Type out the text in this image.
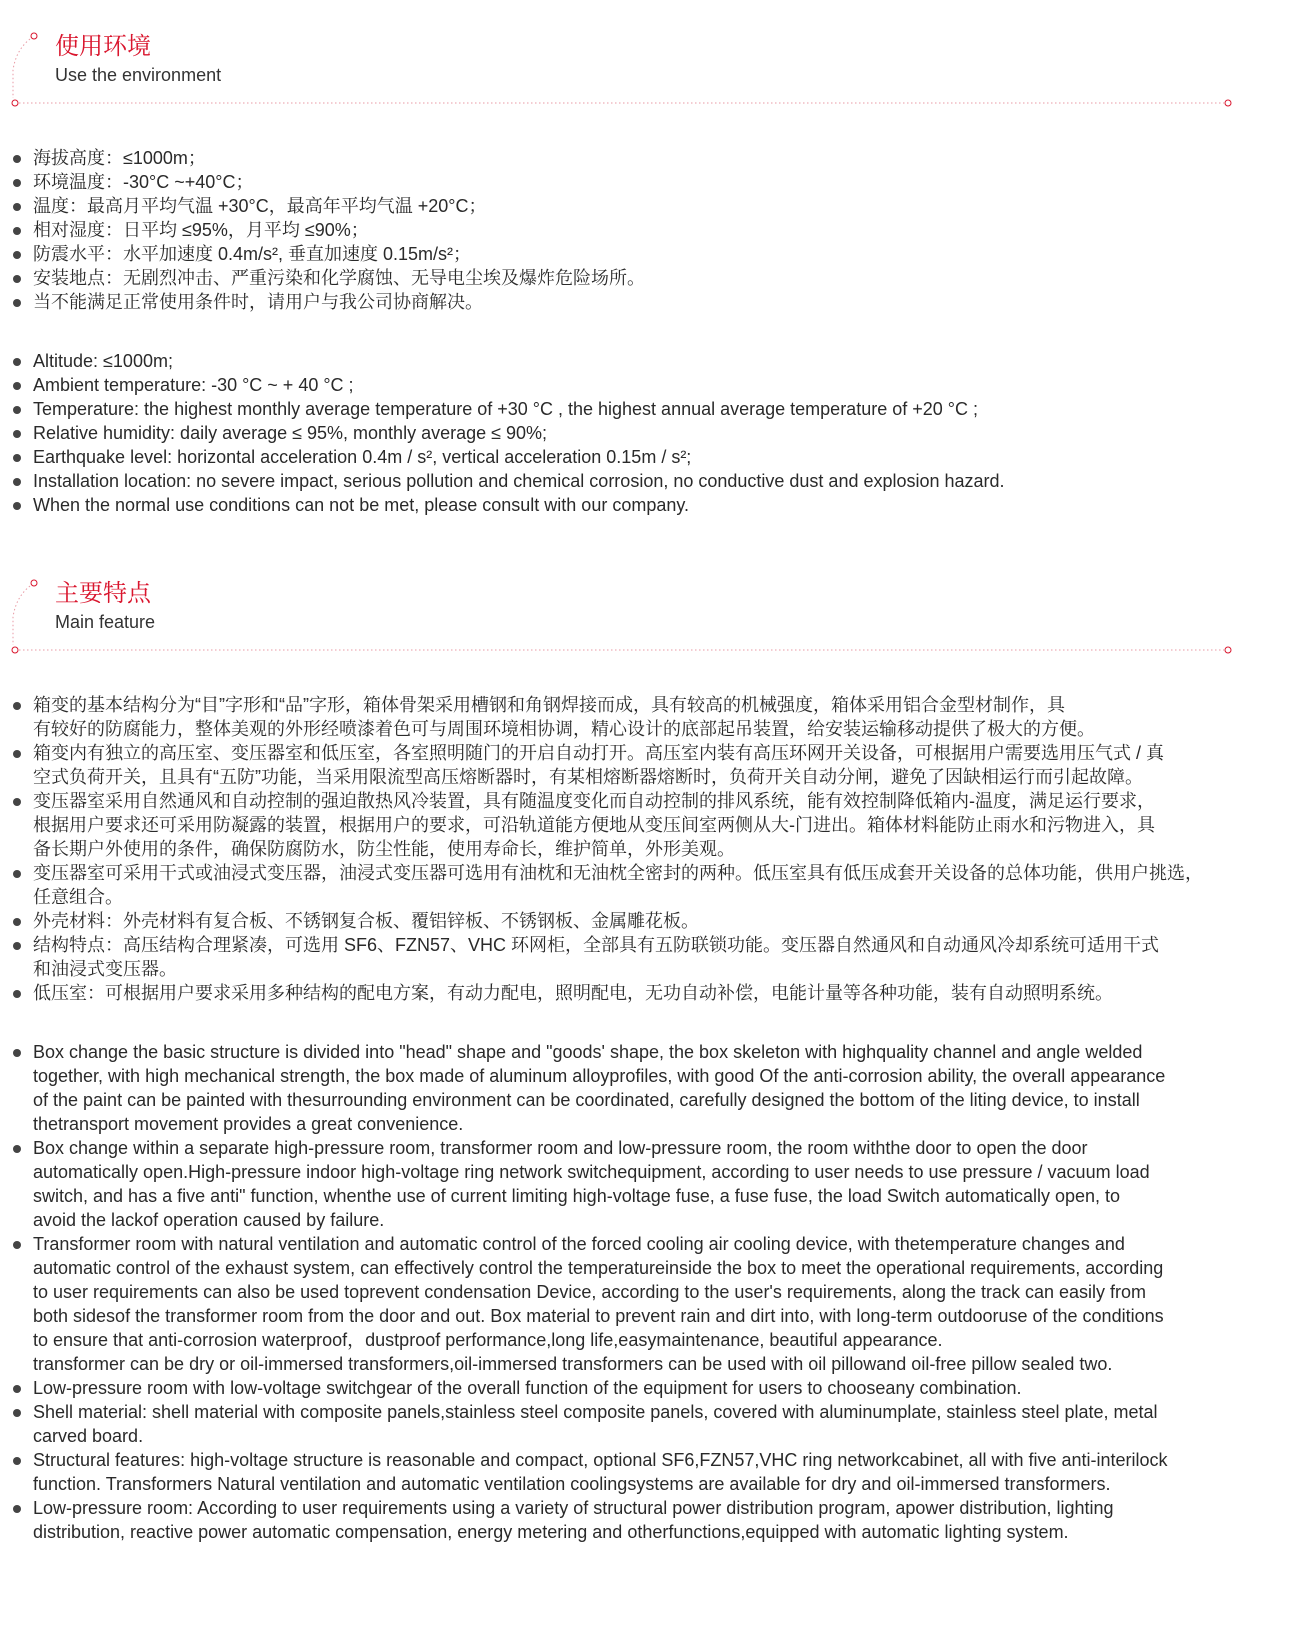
使用环境
Use the environment
海拔高度：≤1000m；
环境温度：-30°C ~+40°C；
温度：最高月平均气温 +30°C，最高年平均气温 +20°C；
相对湿度：日平均 ≤95%，月平均 ≤90%；
防震水平：水平加速度 0.4m/s², 垂直加速度 0.15m/s²；
安装地点：无剧烈冲击、严重污染和化学腐蚀、无导电尘埃及爆炸危险场所。
当不能满足正常使用条件时，请用户与我公司协商解决。
Altitude: ≤1000m;
Ambient temperature: -30 °C ~ + 40 °C ;
Temperature: the highest monthly average temperature of +30 °C , the highest annual average temperature of +20 °C ;
Relative humidity: daily average ≤ 95%, monthly average ≤ 90%;
Earthquake level: horizontal acceleration 0.4m / s², vertical acceleration 0.15m / s²;
Installation location: no severe impact, serious pollution and chemical corrosion, no conductive dust and explosion hazard.
When the normal use conditions can not be met, please consult with our company.
主要特点
Main feature
箱变的基本结构分为“目”字形和“品”字形，箱体骨架采用槽钢和角钢焊接而成，具有较高的机械强度，箱体采用铝合金型材制作，具
有较好的防腐能力，整体美观的外形经喷漆着色可与周围环境相协调，精心设计的底部起吊装置，给安装运输移动提供了极大的方便。
箱变内有独立的高压室、变压器室和低压室，各室照明随门的开启自动打开。高压室内装有高压环网开关设备，可根据用户需要选用压气式 / 真
空式负荷开关，且具有“五防”功能，当采用限流型高压熔断器时，有某相熔断器熔断时，负荷开关自动分闸，避免了因缺相运行而引起故障。
变压器室采用自然通风和自动控制的强迫散热风冷装置，具有随温度变化而自动控制的排风系统，能有效控制降低箱内-温度，满足运行要求，
根据用户要求还可采用防凝露的装置，根据用户的要求，可沿轨道能方便地从变压间室两侧从大-门进出。箱体材料能防止雨水和污物进入，具
备长期户外使用的条件，确保防腐防水，防尘性能，使用寿命长，维护简单，外形美观。
变压器室可采用干式或油浸式变压器，油浸式变压器可选用有油枕和无油枕全密封的两种。低压室具有低压成套开关设备的总体功能，供用户挑选，
任意组合。
外壳材料：外壳材料有复合板、不锈钢复合板、覆铝锌板、不锈钢板、金属雕花板。
结构特点：高压结构合理紧凑，可选用 SF6、FZN57、VHC 环网柜，全部具有五防联锁功能。变压器自然通风和自动通风冷却系统可适用干式
和油浸式变压器。
低压室：可根据用户要求采用多种结构的配电方案，有动力配电，照明配电，无功自动补偿，电能计量等各种功能，装有自动照明系统。
Box change the basic structure is divided into "head" shape and "goods' shape, the box skeleton with highquality channel and angle welded
together, with high mechanical strength, the box made of aluminum alloyprofiles, with good Of the anti-corrosion ability, the overall appearance
of the paint can be painted with thesurrounding environment can be coordinated, carefully designed the bottom of the liting device, to install
thetransport movement provides a great convenience.
Box change within a separate high-pressure room, transformer room and low-pressure room, the room withthe door to open the door
automatically open.High-pressure indoor high-voltage ring network switchequipment, according to user needs to use pressure / vacuum load
switch, and has a five anti" function, whenthe use of current limiting high-voltage fuse, a fuse fuse, the load Switch automatically open, to
avoid the lackof operation caused by failure.
Transformer room with natural ventilation and automatic control of the forced cooling air cooling device, with thetemperature changes and
automatic control of the exhaust system, can effectively control the temperatureinside the box to meet the operational requirements, according
to user requirements can also be used toprevent condensation Device, according to the user's requirements, along the track can easily from
both sidesof the transformer room from the door and out. Box material to prevent rain and dirt into, with long-term outdooruse of the conditions
to ensure that anti-corrosion waterproof，dustproof performance,long life,easymaintenance, beautiful appearance.
transformer can be dry or oil-immersed transformers,oil-immersed transformers can be used with oil pillowand oil-free pillow sealed two.
Low-pressure room with low-voltage switchgear of the overall function of the equipment for users to chooseany combination.
Shell material: shell material with composite panels,stainless steel composite panels, covered with aluminumplate, stainless steel plate, metal
carved board.
Structural features: high-voltage structure is reasonable and compact, optional SF6,FZN57,VHC ring networkcabinet, all with five anti-interilock
function. Transformers Natural ventilation and automatic ventilation coolingsystems are available for dry and oil-immersed transformers.
Low-pressure room: According to user requirements using a variety of structural power distribution program, apower distribution, lighting
distribution, reactive power automatic compensation, energy metering and otherfunctions,equipped with automatic lighting system.
